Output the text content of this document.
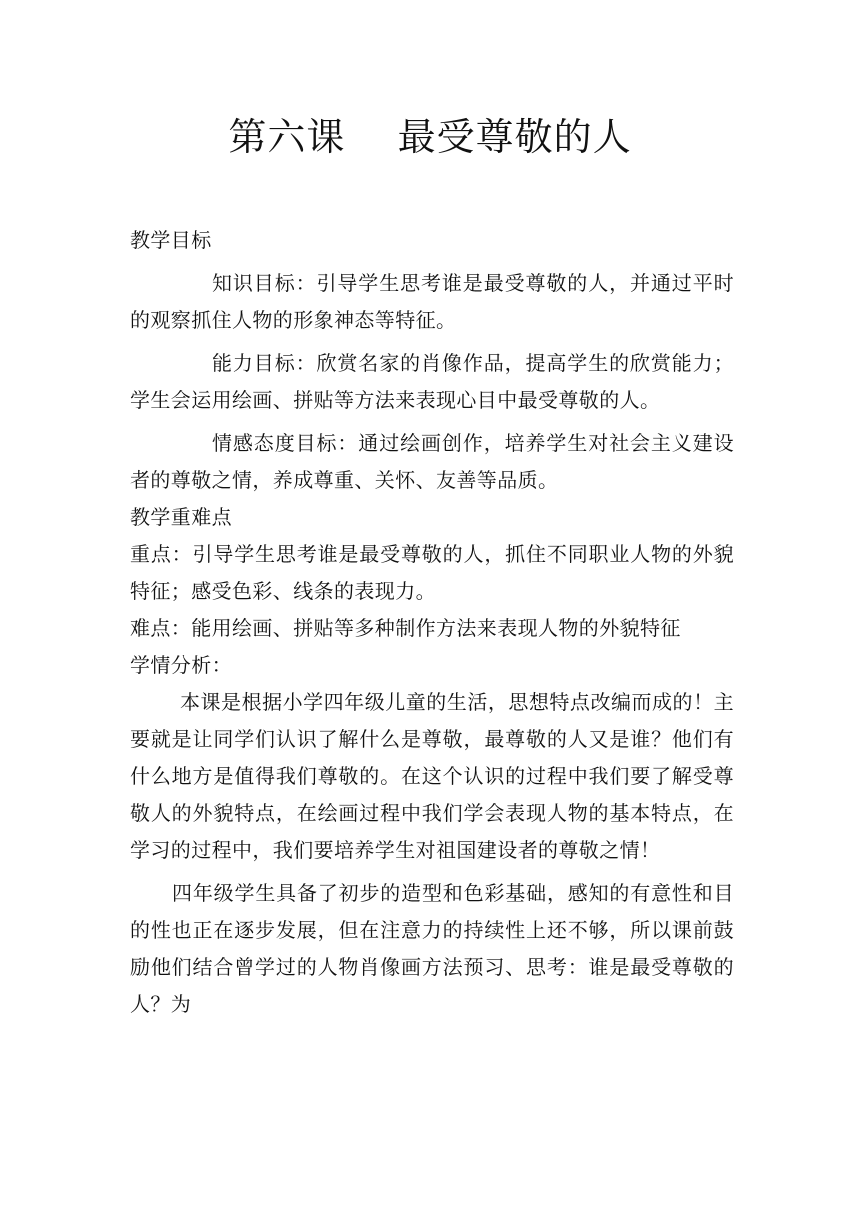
第六课    最受尊敬的人

教学目标

知识目标：引导学生思考谁是最受尊敬的人，并通过平时的观察抓住人物的形象神态等特征。

能力目标：欣赏名家的肖像作品，提高学生的欣赏能力；学生会运用绘画、拼贴等方法来表现心目中最受尊敬的人。

情感态度目标：通过绘画创作，培养学生对社会主义建设者的尊敬之情，养成尊重、关怀、友善等品质。

教学重难点

重点：引导学生思考谁是最受尊敬的人，抓住不同职业人物的外貌特征；感受色彩、线条的表现力。

难点：能用绘画、拼贴等多种制作方法来表现人物的外貌特征

学情分析：

本课是根据小学四年级儿童的生活，思想特点改编而成的！主要就是让同学们认识了解什么是尊敬，最尊敬的人又是谁？他们有什么地方是值得我们尊敬的。在这个认识的过程中我们要了解受尊敬人的外貌特点，在绘画过程中我们学会表现人物的基本特点，在学习的过程中，我们要培养学生对祖国建设者的尊敬之情！

四年级学生具备了初步的造型和色彩基础，感知的有意性和目的性也正在逐步发展，但在注意力的持续性上还不够，所以课前鼓励他们结合曾学过的人物肖像画方法预习、思考：谁是最受尊敬的人？为
